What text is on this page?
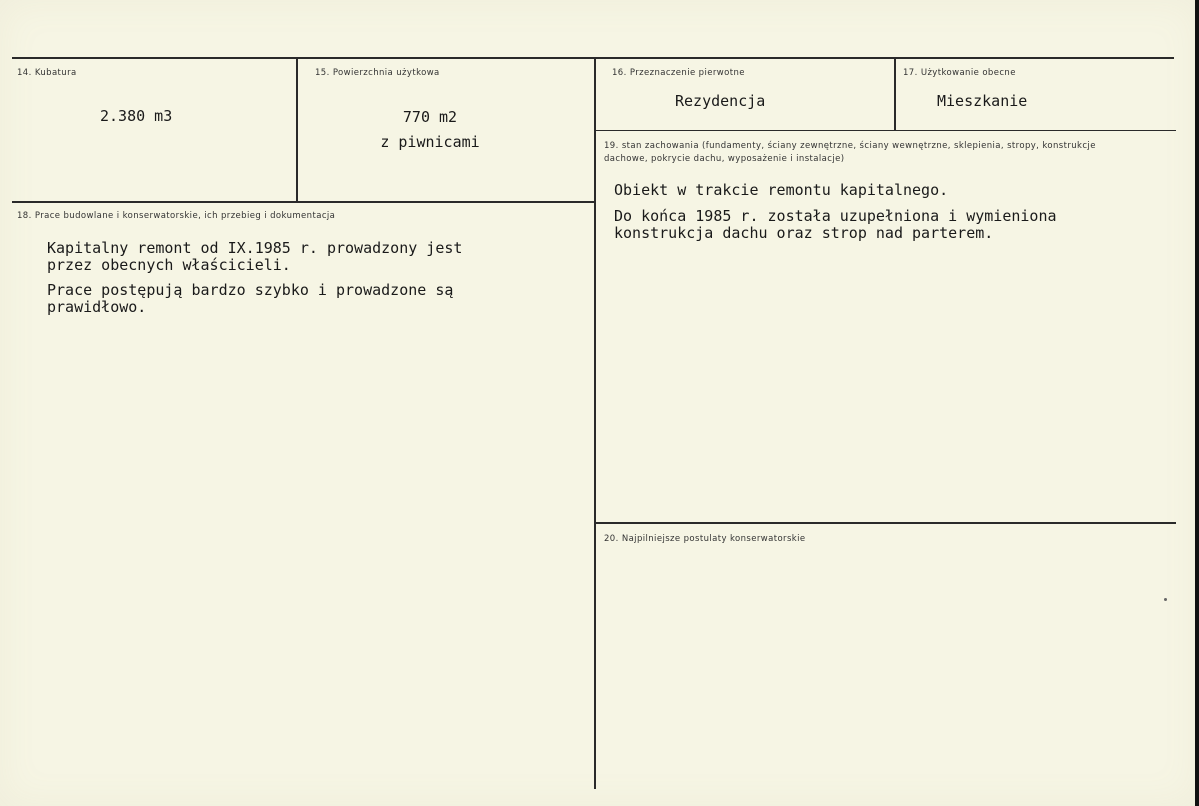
14. Kubatura
2.380 m3
15. Powierzchnia użytkowa
770 m2
z piwnicami
16. Przeznaczenie pierwotne
Rezydencja
17. Użytkowanie obecne
Mieszkanie
19. stan zachowania (fundamenty, ściany zewnętrzne, ściany wewnętrzne, sklepienia, stropy, konstrukcje dachowe, pokrycie dachu, wyposażenie i instalacje)
Obiekt w trakcie remontu kapitalnego.
Do końca 1985 r. została uzupełniona i wymieniona
konstrukcja dachu oraz strop nad parterem.
18. Prace budowlane i konserwatorskie, ich przebieg i dokumentacja
Kapitalny remont od IX.1985 r. prowadzony jest
przez obecnych właścicieli.
Prace postępują bardzo szybko i prowadzone są
prawidłowo.
20. Najpilniejsze postulaty konserwatorskie
